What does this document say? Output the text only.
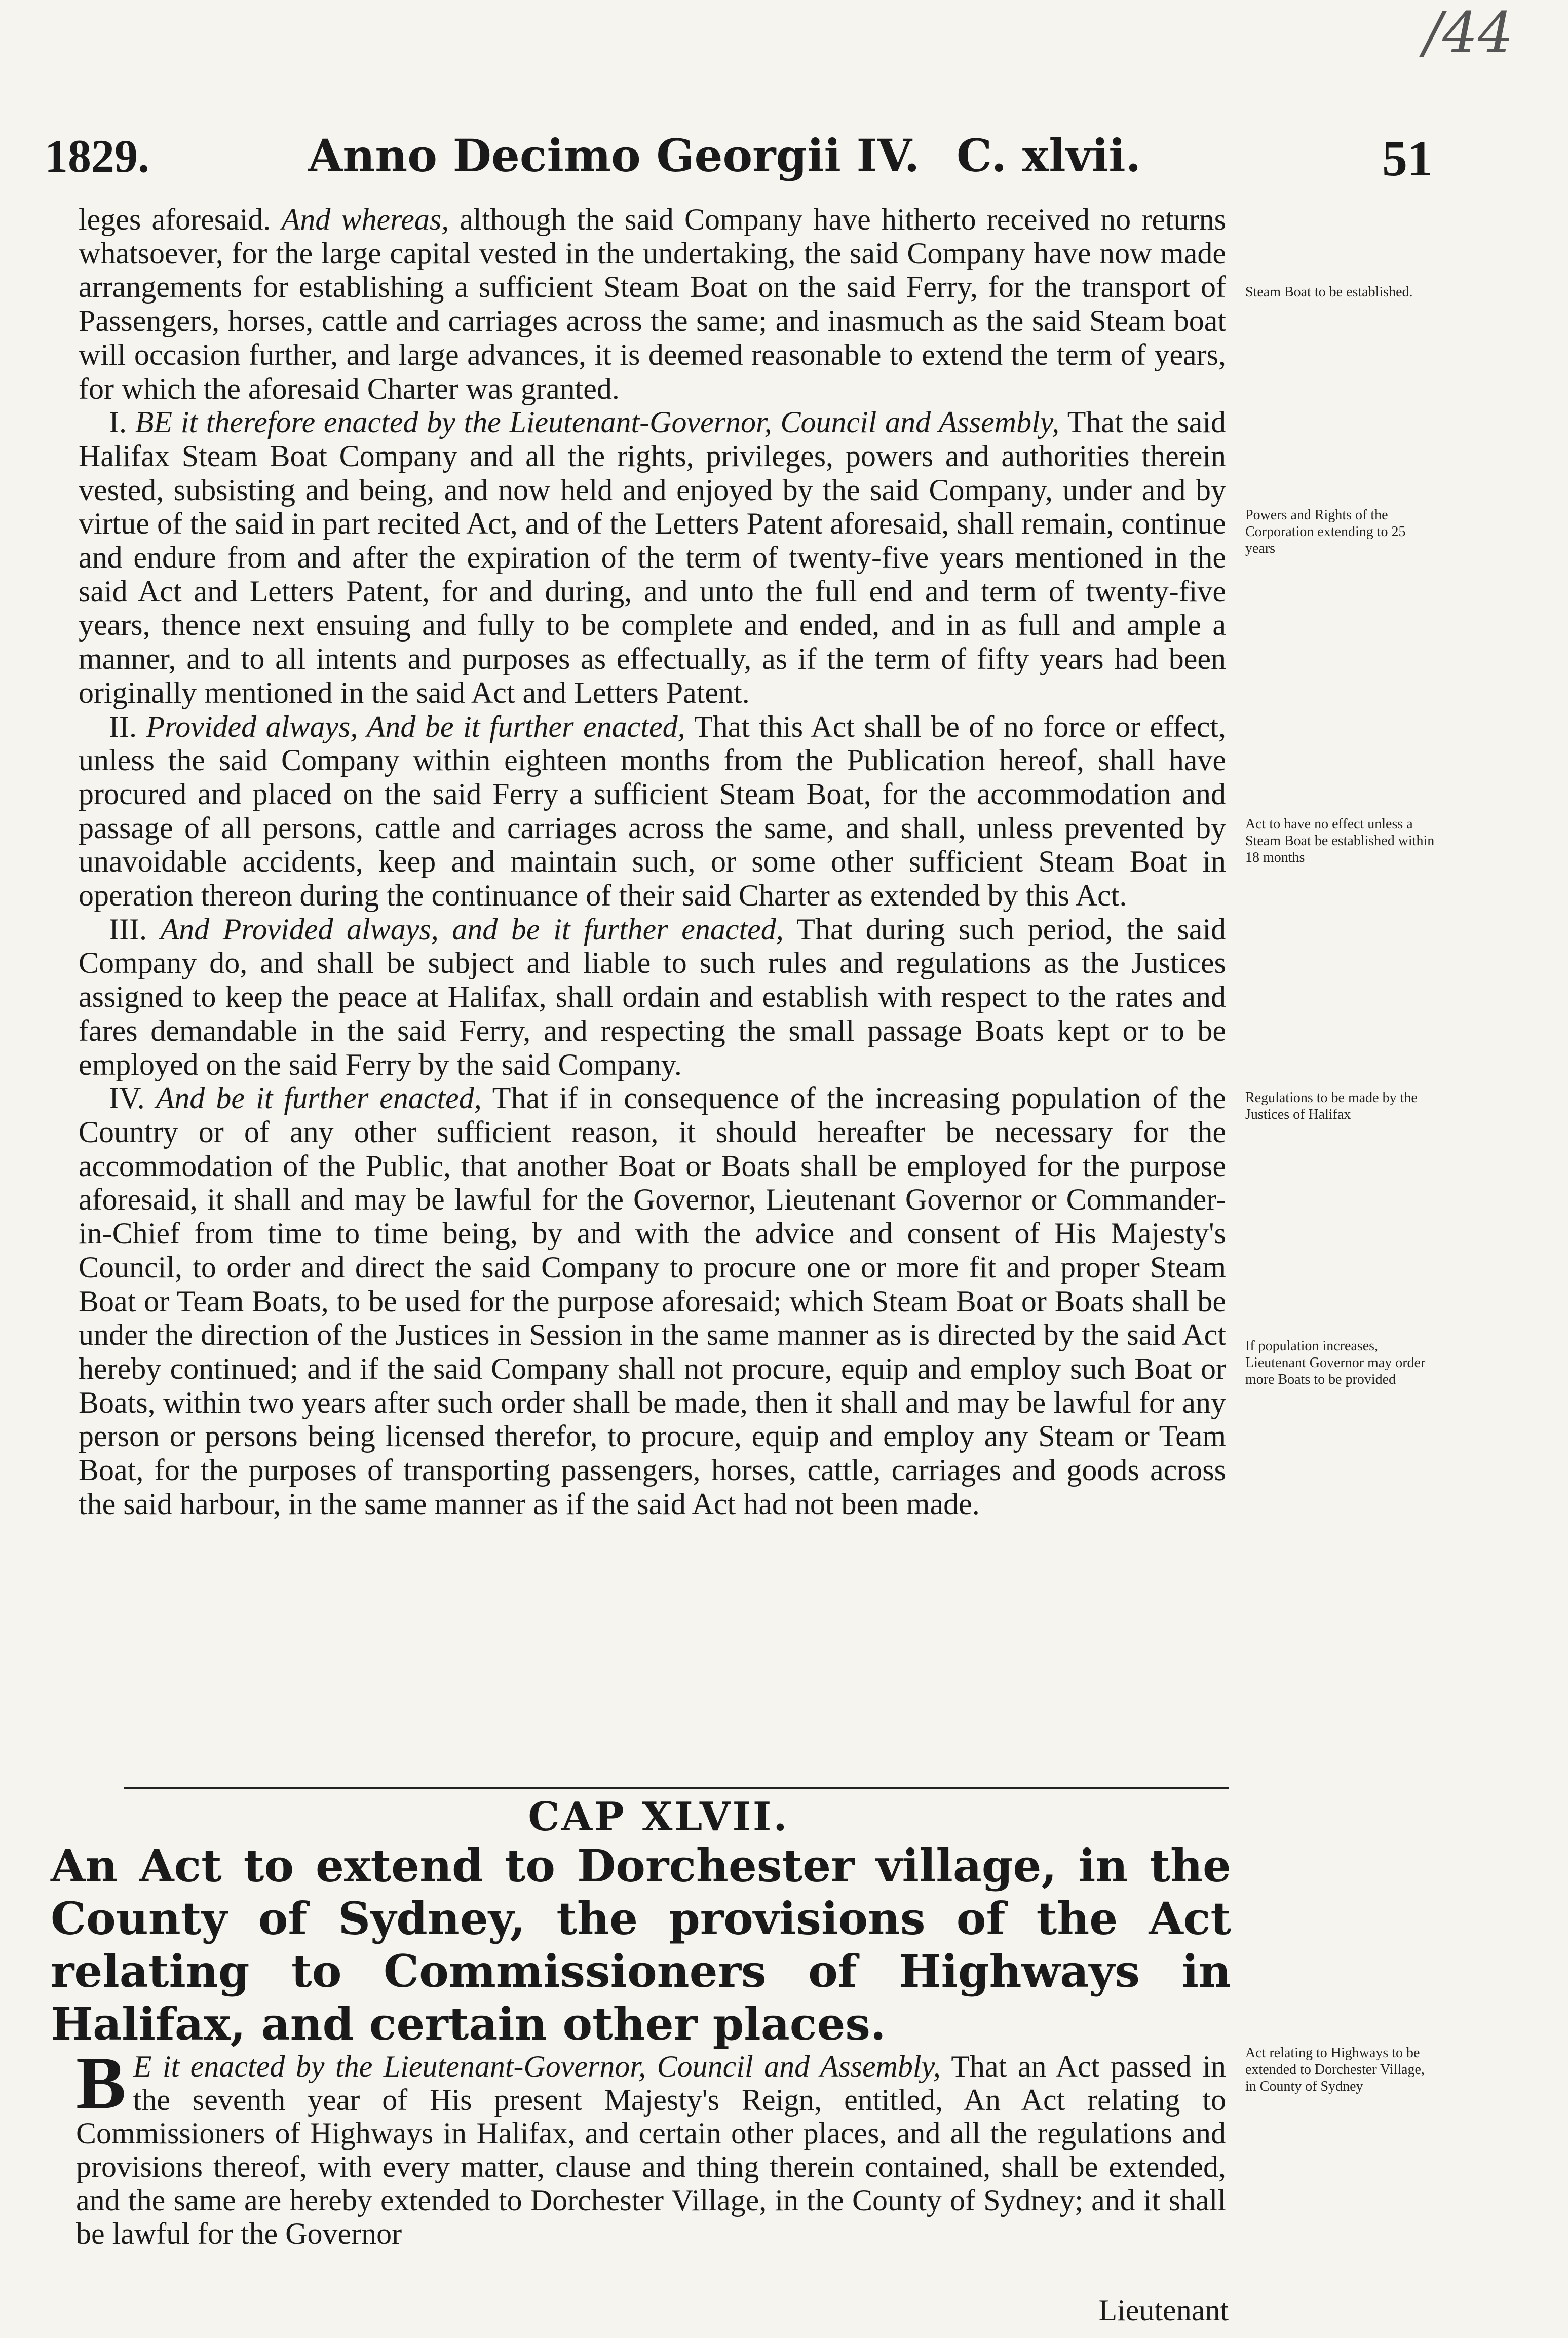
/44
1829.	Anno Decimo Georgii IV. C. xlvii.	51

leges aforesaid. And whereas, although the said Company have hitherto received no returns whatsoever, for the large capital vested in the undertaking, the said Company have now made arrangements for establishing a sufficient Steam Boat on the said Ferry, for the transport of Passengers, horses, cattle and carriages across the same; and inasmuch as the said Steam boat will occasion further, and large advances, it is deemed reasonable to extend the term of years, for which the aforesaid Charter was granted.

I. BE it therefore enacted by the Lieutenant-Governor, Council and Assembly, That the said Halifax Steam Boat Company and all the rights, privileges, powers and authorities therein vested, subsisting and being, and now held and enjoyed by the said Company, under and by virtue of the said in part recited Act, and of the Letters Patent aforesaid, shall remain, continue and endure from and after the expiration of the term of twenty-five years mentioned in the said Act and Letters Patent, for and during, and unto the full end and term of twenty-five years, thence next ensuing and fully to be complete and ended, and in as full and ample a manner, and to all intents and purposes as effectually, as if the term of fifty years had been originally mentioned in the said Act and Letters Patent.

II. Provided always, And be it further enacted, That this Act shall be of no force or effect, unless the said Company within eighteen months from the Publication hereof, shall have procured and placed on the said Ferry a sufficient Steam Boat, for the accommodation and passage of all persons, cattle and carriages across the same, and shall, unless prevented by unavoidable accidents, keep and maintain such, or some other sufficient Steam Boat in operation thereon during the continuance of their said Charter as extended by this Act.

III. And Provided always, and be it further enacted, That during such period, the said Company do, and shall be subject and liable to such rules and regulations as the Justices assigned to keep the peace at Halifax, shall ordain and establish with respect to the rates and fares demandable in the said Ferry, and respecting the small passage Boats kept or to be employed on the said Ferry by the said Company.

IV. And be it further enacted, That if in consequence of the increasing population of the Country or of any other sufficient reason, it should hereafter be necessary for the accommodation of the Public, that another Boat or Boats shall be employed for the purpose aforesaid, it shall and may be lawful for the Governor, Lieutenant Governor or Commander-in-Chief from time to time being, by and with the advice and consent of His Majesty's Council, to order and direct the said Company to procure one or more fit and proper Steam Boat or Team Boats, to be used for the purpose aforesaid; which Steam Boat or Boats shall be under the direction of the Justices in Session in the same manner as is directed by the said Act hereby continued; and if the said Company shall not procure, equip and employ such Boat or Boats, within two years after such order shall be made, then it shall and may be lawful for any person or persons being licensed therefor, to procure, equip and employ any Steam or Team Boat, for the purposes of transporting passengers, horses, cattle, carriages and goods across the said harbour, in the same manner as if the said Act had not been made.

Steam Boat to be established.
Powers and Rights of the Corporation extending to 25 years
Act to have no effect unless a Steam Boat be established within 18 months
Regulations to be made by the Justices of Halifax
If population increases, Lieutenant Governor may order more Boats to be provided
Act relating to Highways to be extended to Dorchester Village, in County of Sydney
CAP XLVII.
An Act to extend to Dorchester village, in the County of Sydney, the provisions of the Act relating to Commissioners of Highways in Halifax, and certain other places.
B E it enacted by the Lieutenant-Governor, Council and Assembly, That an Act passed in the seventh year of His present Majesty's Reign, entitled, An Act relating to Commissioners of Highways in Halifax, and certain other places, and all the regulations and provisions thereof, with every matter, clause and thing therein contained, shall be extended, and the same are hereby extended to Dorchester Village, in the County of Sydney; and it shall be lawful for the Governor
Lieutenant
